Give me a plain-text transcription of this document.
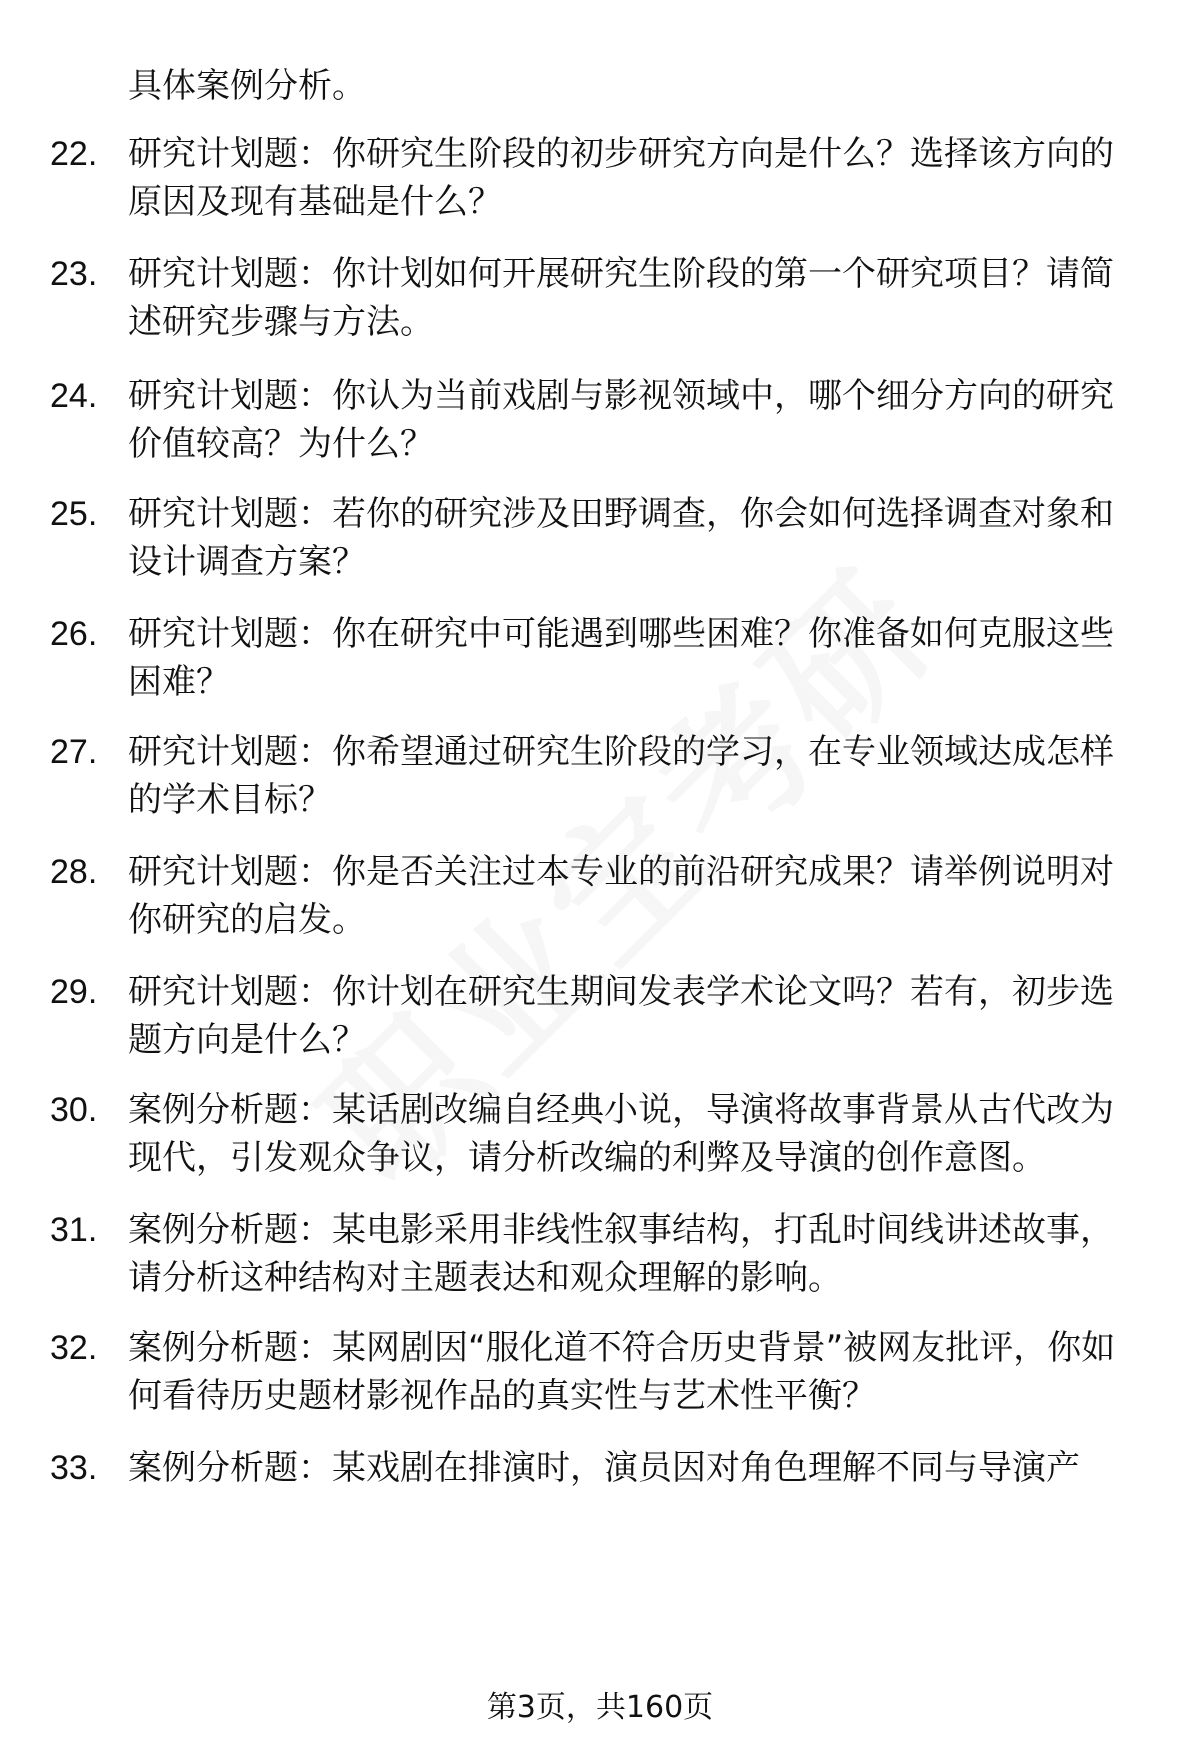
具体案例分析。

22. 研究计划题：你研究生阶段的初步研究方向是什么？选择该方向的原因及现有基础是什么？
23. 研究计划题：你计划如何开展研究生阶段的第一个研究项目？请简述研究步骤与方法。
24. 研究计划题：你认为当前戏剧与影视领域中，哪个细分方向的研究价值较高？为什么？
25. 研究计划题：若你的研究涉及田野调查，你会如何选择调查对象和设计调查方案？
26. 研究计划题：你在研究中可能遇到哪些困难？你准备如何克服这些困难？
27. 研究计划题：你希望通过研究生阶段的学习，在专业领域达成怎样的学术目标？
28. 研究计划题：你是否关注过本专业的前沿研究成果？请举例说明对你研究的启发。
29. 研究计划题：你计划在研究生期间发表学术论文吗？若有，初步选题方向是什么？
30. 案例分析题：某话剧改编自经典小说，导演将故事背景从古代改为现代，引发观众争议，请分析改编的利弊及导演的创作意图。
31. 案例分析题：某电影采用非线性叙事结构，打乱时间线讲述故事，请分析这种结构对主题表达和观众理解的影响。
32. 案例分析题：某网剧因“服化道不符合历史背景”被网友批评，你如何看待历史题材影视作品的真实性与艺术性平衡？
33. 案例分析题：某戏剧在排演时，演员因对角色理解不同与导演产
第3页，共160页
